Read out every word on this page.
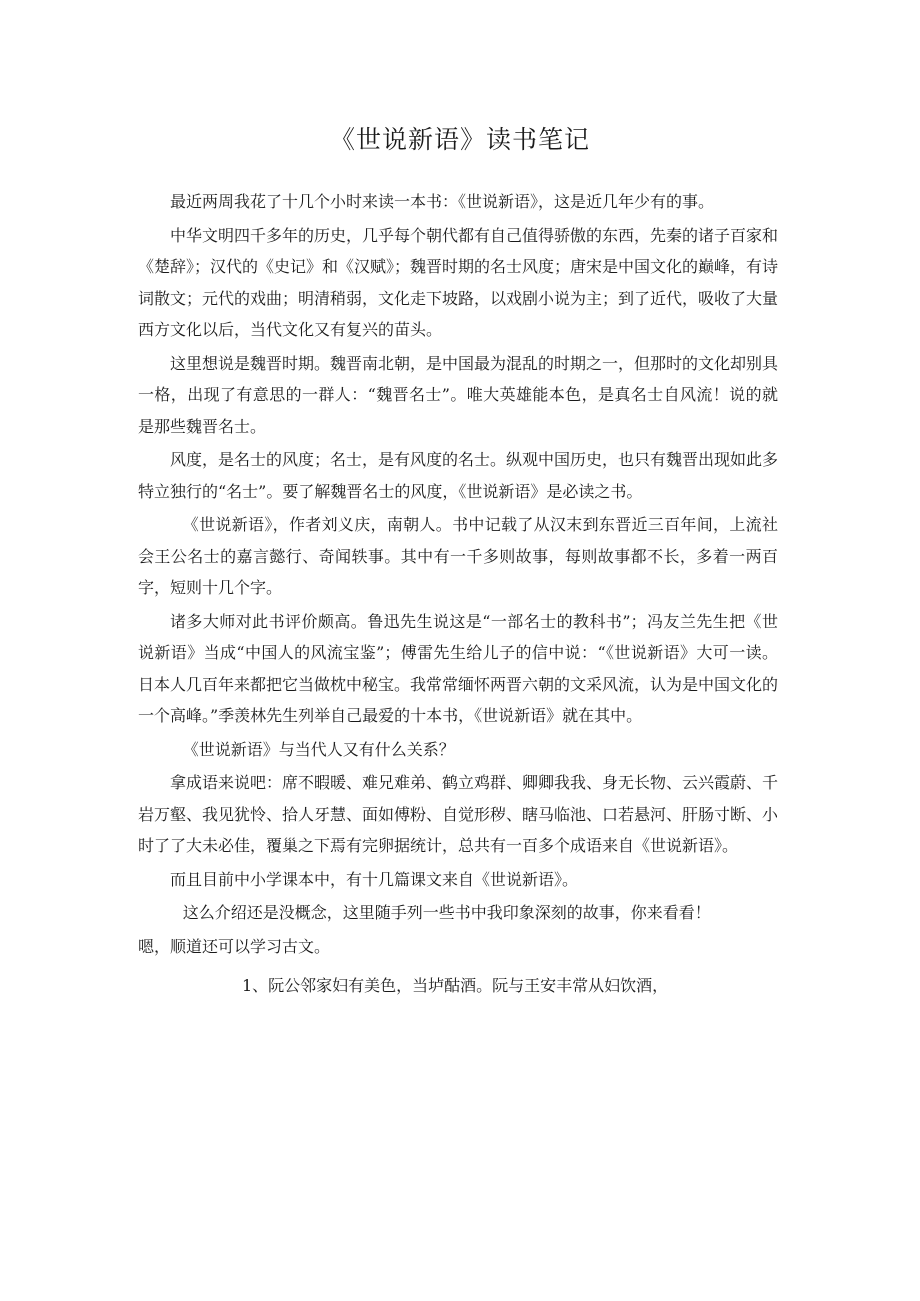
《世说新语》读书笔记

最近两周我花了十几个小时来读一本书：《世说新语》，这是近几年少有的事。

中华文明四千多年的历史，几乎每个朝代都有自己值得骄傲的东西，先秦的诸子百家和《楚辞》；汉代的《史记》和《汉赋》；魏晋时期的名士风度；唐宋是中国文化的巅峰，有诗词散文；元代的戏曲；明清稍弱，文化走下坡路，以戏剧小说为主；到了近代，吸收了大量西方文化以后，当代文化又有复兴的苗头。

这里想说是魏晋时期。魏晋南北朝，是中国最为混乱的时期之一，但那时的文化却别具一格，出现了有意思的一群人：“魏晋名士”。唯大英雄能本色，是真名士自风流！说的就是那些魏晋名士。

风度，是名士的风度；名士，是有风度的名士。纵观中国历史，也只有魏晋出现如此多特立独行的“名士”。要了解魏晋名士的风度，《世说新语》是必读之书。

《世说新语》，作者刘义庆，南朝人。书中记载了从汉末到东晋近三百年间，上流社会王公名士的嘉言懿行、奇闻轶事。其中有一千多则故事，每则故事都不长，多着一两百字，短则十几个字。

诸多大师对此书评价颇高。鲁迅先生说这是“一部名士的教科书”；冯友兰先生把《世说新语》当成“中国人的风流宝鉴”；傅雷先生给儿子的信中说：“《世说新语》大可一读。日本人几百年来都把它当做枕中秘宝。我常常缅怀两晋六朝的文采风流，认为是中国文化的一个高峰。”季羡林先生列举自己最爱的十本书，《世说新语》就在其中。

《世说新语》与当代人又有什么关系？

拿成语来说吧：席不暇暖、难兄难弟、鹤立鸡群、卿卿我我、身无长物、云兴霞蔚、千岩万壑、我见犹怜、拾人牙慧、面如傅粉、自觉形秽、瞎马临池、口若悬河、肝肠寸断、小时了了大未必佳，覆巢之下焉有完卵据统计，总共有一百多个成语来自《世说新语》。

而且目前中小学课本中，有十几篇课文来自《世说新语》。

这么介绍还是没概念，这里随手列一些书中我印象深刻的故事，你来看看！

嗯，顺道还可以学习古文。

1、阮公邻家妇有美色，当垆酤酒。阮与王安丰常从妇饮酒，
